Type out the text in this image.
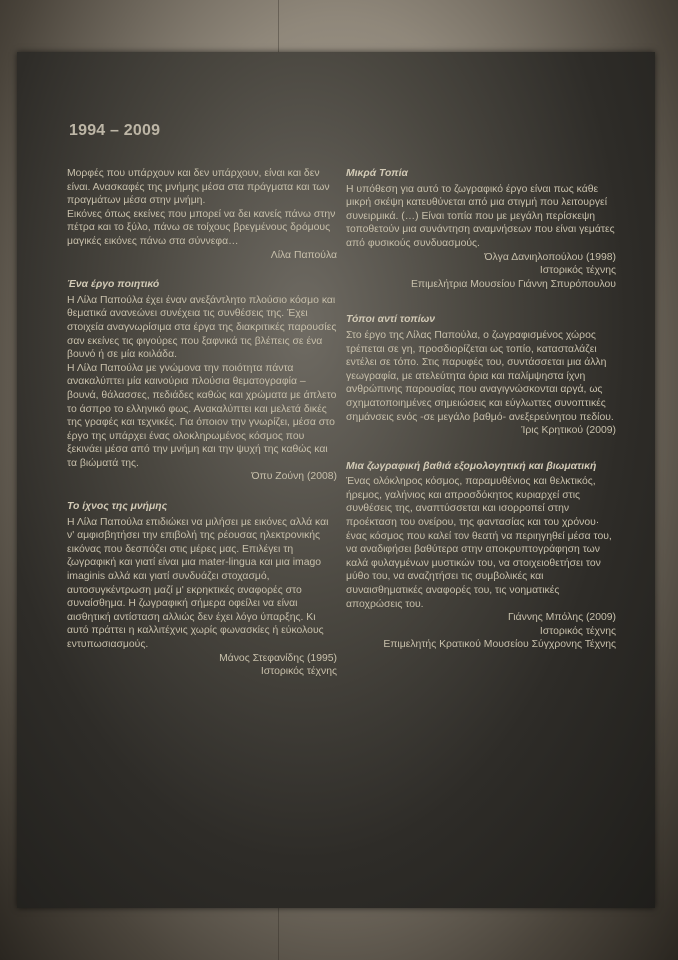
1994 – 2009

Μορφές που υπάρχουν και δεν υπάρχουν, είναι και δεν είναι. Ανασκαφές της μνήμης μέσα στα πράγματα και των πραγμάτων μέσα στην μνήμη.

Εικόνες όπως εκείνες που μπορεί να δει κανείς πάνω στην πέτρα και το ξύλο, πάνω σε τοίχους βρεγμένους δρόμους μαγικές εικόνες πάνω στα σύννεφα…

Λίλα Παπούλα

Ένα έργο ποιητικό

Η Λίλα Παπούλα έχει έναν ανεξάντλητο πλούσιο κόσμο και θεματικά ανανεώνει συνέχεια τις συνθέσεις της. Έχει στοιχεία αναγνωρίσιμα στα έργα της διακριτικές παρουσίες σαν εκείνες τις φιγούρες που ξαφνικά τις βλέπεις σε ένα βουνό ή σε μία κοιλάδα.

Η Λίλα Παπούλα με γνώμονα την ποιότητα πάντα ανακαλύπτει μία καινούρια πλούσια θεματογραφία – βουνά, θάλασσες, πεδιάδες καθώς και χρώματα με άπλετο το άσπρο το ελληνικό φως. Ανακαλύπτει και μελετά δικές της γραφές και τεχνικές. Για όποιον την γνωρίζει, μέσα στο έργο της υπάρχει ένας ολοκληρωμένος κόσμος που ξεκινάει μέσα από την μνήμη και την ψυχή της καθώς και τα βιώματά της.

Όπυ Ζούνη (2008)

Το ίχνος της μνήμης

Η Λίλα Παπούλα επιδιώκει να μιλήσει με εικόνες αλλά και ν' αμφισβητήσει την επιβολή της ρέουσας ηλεκτρονικής εικόνας που δεσπόζει στις μέρες μας. Επιλέγει τη ζωγραφική και γιατί είναι μια mater-lingua και μια imago imaginis αλλά και γιατί συνδυάζει στοχασμό, αυτοσυγκέντρωση μαζί μ' εκρηκτικές αναφορές στο συναίσθημα. Η ζωγραφική σήμερα οφείλει να είναι αισθητική αντίσταση αλλιώς δεν έχει λόγο ύπαρξης. Κι αυτό πράττει η καλλιτέχνις χωρίς φωνασκίες ή εύκολους εντυπωσιασμούς.

Μάνος Στεφανίδης (1995)

Ιστορικός τέχνης

Μικρά Τοπία

Η υπόθεση για αυτό το ζωγραφικό έργο είναι πως κάθε μικρή σκέψη κατευθύνεται από μια στιγμή που λειτουργεί συνειρμικά. (…) Είναι τοπία που με μεγάλη περίσκεψη τοποθετούν μια συνάντηση αναμνήσεων που είναι γεμάτες από φυσικούς συνδυασμούς.

Όλγα Δανιηλοπούλου (1998)

Ιστορικός τέχνης

Επιμελήτρια Μουσείου Γιάννη Σπυρόπουλου

Τόποι αντί τοπίων

Στο έργο της Λίλας Παπούλα, ο ζωγραφισμένος χώρος τρέπεται σε γη, προσδιορίζεται ως τοπίο, κατασταλάζει εντέλει σε τόπο. Στις παρυφές του, συντάσσεται μια άλλη γεωγραφία, με ατελεύτητα όρια και παλίμψηστα ίχνη ανθρώπινης παρουσίας που αναγιγνώσκονται αργά, ως σχηματοποιημένες σημειώσεις και εύγλωττες συνοπτικές σημάνσεις ενός -σε μεγάλο βαθμό- ανεξερεύνητου πεδίου.

Ίρις Κρητικού (2009)

Μια ζωγραφική βαθιά εξομολογητική και βιωματική

Ένας ολόκληρος κόσμος, παραμυθένιος και θελκτικός, ήρεμος, γαλήνιος και απροσδόκητος κυριαρχεί στις συνθέσεις της, αναπτύσσεται και ισορροπεί στην προέκταση του ονείρου, της φαντασίας και του χρόνου· ένας κόσμος που καλεί τον θεατή να περιηγηθεί μέσα του, να αναδιφήσει βαθύτερα στην αποκρυπτογράφηση των καλά φυλαγμένων μυστικών του, να στοιχειοθετήσει τον μύθο του, να αναζητήσει τις συμβολικές και συναισθηματικές αναφορές του, τις νοηματικές αποχρώσεις του.

Γιάννης Μπόλης (2009)

Ιστορικός τέχνης

Επιμελητής Κρατικού Μουσείου Σύγχρονης Τέχνης
